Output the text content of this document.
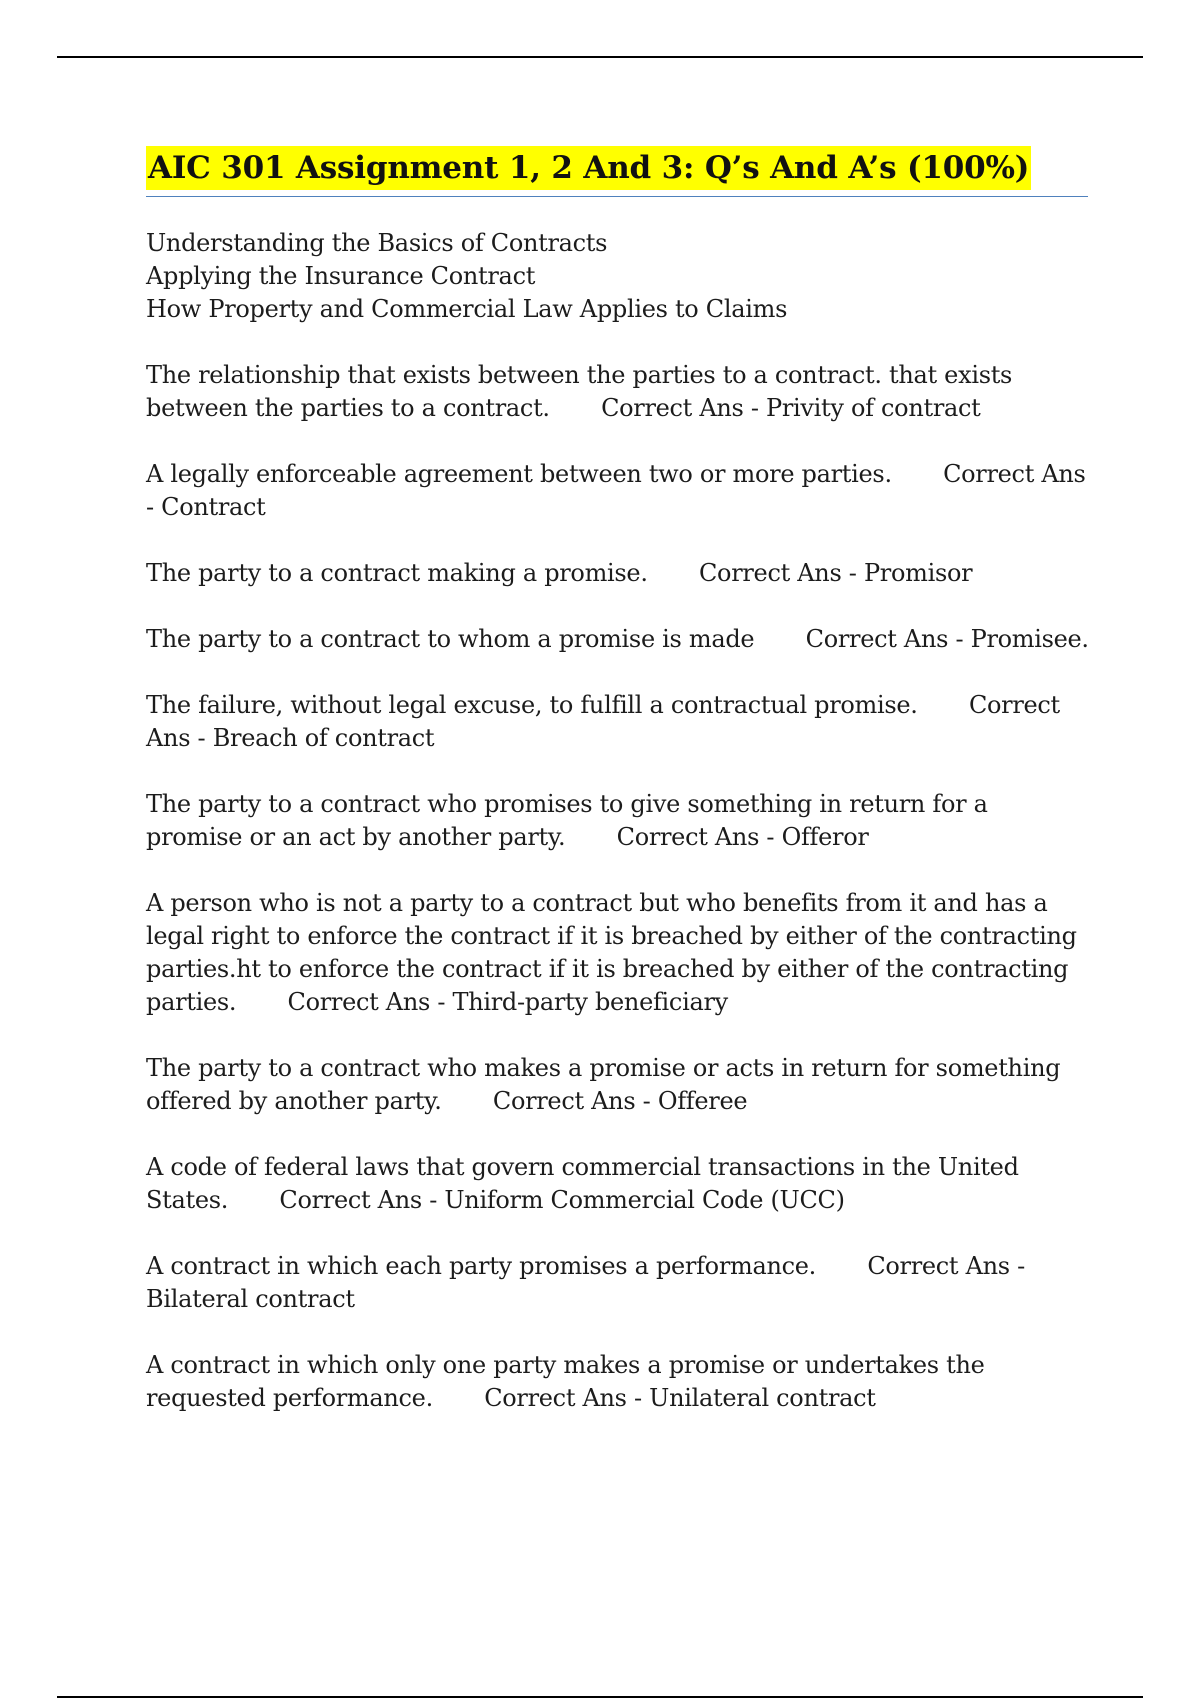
AIC 301 Assignment 1, 2 And 3: Q’s And A’s (100%)
Understanding the Basics of Contracts
Applying the Insurance Contract
How Property and Commercial Law Applies to Claims
The relationship that exists between the parties to a contract. that exists between the parties to a contract. Correct Ans - Privity of contract
A legally enforceable agreement between two or more parties. Correct Ans - Contract
The party to a contract making a promise. Correct Ans - Promisor
The party to a contract to whom a promise is made Correct Ans - Promisee.
The failure, without legal excuse, to fulfill a contractual promise. Correct Ans - Breach of contract
The party to a contract who promises to give something in return for a promise or an act by another party. Correct Ans - Offeror
A person who is not a party to a contract but who benefits from it and has a legal right to enforce the contract if it is breached by either of the contracting parties.ht to enforce the contract if it is breached by either of the contracting parties. Correct Ans - Third-party beneficiary
The party to a contract who makes a promise or acts in return for something offered by another party. Correct Ans - Offeree
A code of federal laws that govern commercial transactions in the United States. Correct Ans - Uniform Commercial Code (UCC)
A contract in which each party promises a performance. Correct Ans - Bilateral contract
A contract in which only one party makes a promise or undertakes the requested performance. Correct Ans - Unilateral contract
